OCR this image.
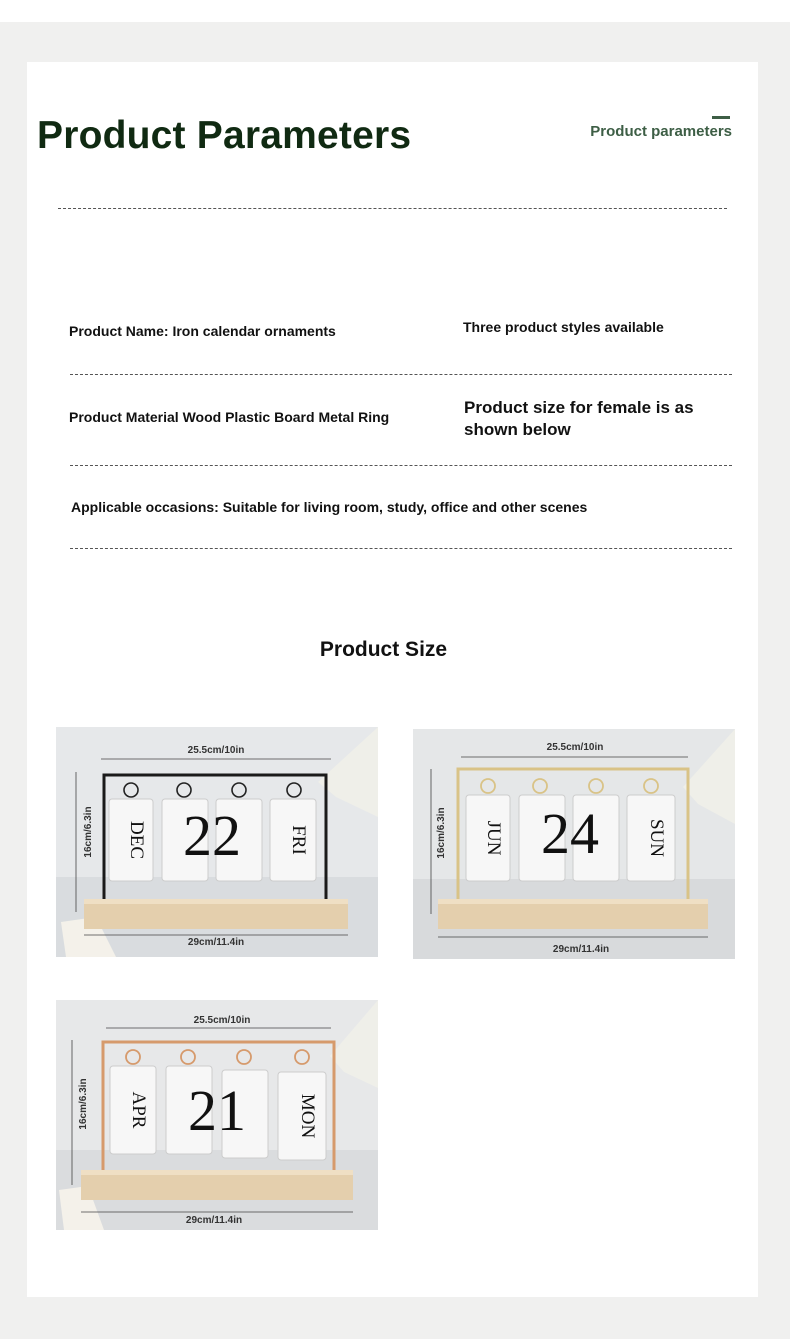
Product Parameters	Product parameters
Product Name: Iron calendar ornaments	Three product styles available
Product Material Wood Plastic Board Metal Ring	Product size for female is as shown below
Applicable occasions: Suitable for living room, study, office and other scenes
Product Size
25.5cm/10in
16cm/6.3in DEC 22 FRI
29cm/11.4in
25.5cm/10in
16cm/6.3in JUN 24 SUN
29cm/11.4in
25.5cm/10in
16cm/6.3in APR 21	MON
29cm/11.4in
